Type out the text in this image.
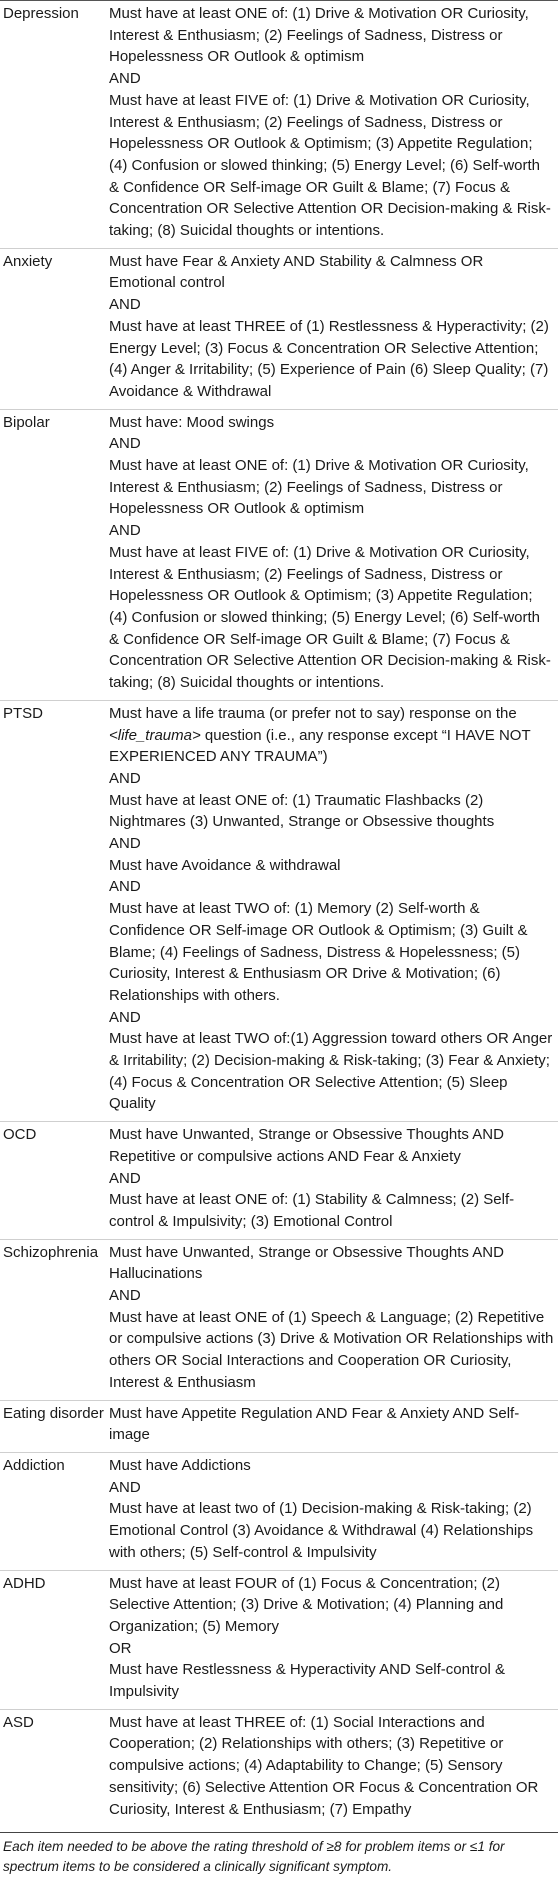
Depression	Must have at least ONE of: (1) Drive & Motivation OR Curiosity, Interest & Enthusiasm; (2) Feelings of Sadness, Distress or Hopelessness OR Outlook & optimism

AND

Must have at least FIVE of: (1) Drive & Motivation OR Curiosity, Interest & Enthusiasm; (2) Feelings of Sadness, Distress or Hopelessness OR Outlook & Optimism; (3) Appetite Regulation; (4) Confusion or slowed thinking; (5) Energy Level; (6) Self-worth & Confidence OR Self-image OR Guilt & Blame; (7) Focus & Concentration OR Selective Attention OR Decision-making & Risk-taking; (8) Suicidal thoughts or intentions.

Anxiety	Must have Fear & Anxiety AND Stability & Calmness OR Emotional control

AND

Must have at least THREE of (1) Restlessness & Hyperactivity; (2) Energy Level; (3) Focus & Concentration OR Selective Attention; (4) Anger & Irritability; (5) Experience of Pain (6) Sleep Quality; (7) Avoidance & Withdrawal

Bipolar	Must have: Mood swings

AND

Must have at least ONE of: (1) Drive & Motivation OR Curiosity, Interest & Enthusiasm; (2) Feelings of Sadness, Distress or Hopelessness OR Outlook & optimism

AND

Must have at least FIVE of: (1) Drive & Motivation OR Curiosity, Interest & Enthusiasm; (2) Feelings of Sadness, Distress or Hopelessness OR Outlook & Optimism; (3) Appetite Regulation; (4) Confusion or slowed thinking; (5) Energy Level; (6) Self-worth & Confidence OR Self-image OR Guilt & Blame; (7) Focus & Concentration OR Selective Attention OR Decision-making & Risk-taking; (8) Suicidal thoughts or intentions.

PTSD	Must have a life trauma (or prefer not to say) response on the <life_trauma> question (i.e., any response except “I HAVE NOT EXPERIENCED ANY TRAUMA”)

AND

Must have at least ONE of: (1) Traumatic Flashbacks (2) Nightmares (3) Unwanted, Strange or Obsessive thoughts

AND

Must have Avoidance & withdrawal

AND

Must have at least TWO of: (1) Memory (2) Self-worth & Confidence OR Self-image OR Outlook & Optimism; (3) Guilt & Blame; (4) Feelings of Sadness, Distress & Hopelessness; (5) Curiosity, Interest & Enthusiasm OR Drive & Motivation; (6) Relationships with others.

AND

Must have at least TWO of:(1) Aggression toward others OR Anger & Irritability; (2) Decision-making & Risk-taking; (3) Fear & Anxiety; (4) Focus & Concentration OR Selective Attention; (5) Sleep Quality

OCD	Must have Unwanted, Strange or Obsessive Thoughts AND Repetitive or compulsive actions AND Fear & Anxiety

AND

Must have at least ONE of: (1) Stability & Calmness; (2) Self-control & Impulsivity; (3) Emotional Control

Schizophrenia Must have Unwanted, Strange or Obsessive Thoughts AND Hallucinations

AND

Must have at least ONE of (1) Speech & Language; (2) Repetitive or compulsive actions (3) Drive & Motivation OR Relationships with others OR Social Interactions and Cooperation OR Curiosity, Interest & Enthusiasm

Eating disorder Must have Appetite Regulation AND Fear & Anxiety AND Self-image

Addiction	Must have Addictions

AND

Must have at least two of (1) Decision-making & Risk-taking; (2) Emotional Control (3) Avoidance & Withdrawal (4) Relationships with others; (5) Self-control & Impulsivity

ADHD	Must have at least FOUR of (1) Focus & Concentration; (2) Selective Attention; (3) Drive & Motivation; (4) Planning and Organization; (5) Memory

OR

Must have Restlessness & Hyperactivity AND Self-control & Impulsivity

ASD	Must have at least THREE of: (1) Social Interactions and Cooperation; (2) Relationships with others; (3) Repetitive or compulsive actions; (4) Adaptability to Change; (5) Sensory sensitivity; (6) Selective Attention OR Focus & Concentration OR Curiosity, Interest & Enthusiasm; (7) Empathy

Each item needed to be above the rating threshold of ≥8 for problem items or ≤1 for spectrum items to be considered a clinically significant symptom.
